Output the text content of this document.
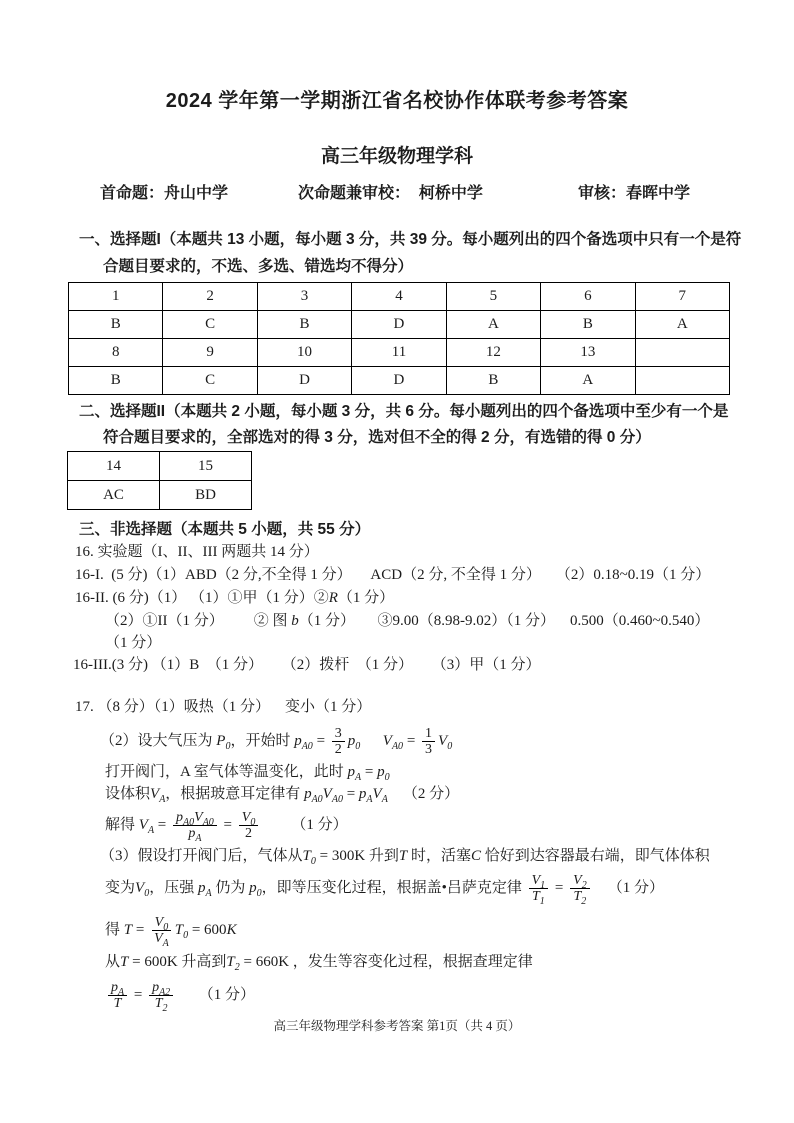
2024 学年第一学期浙江省名校协作体联考参考答案
高三年级物理学科
首命题：舟山中学	次命题兼审校：  柯桥中学	审核：春晖中学
一、选择题I（本题共 13 小题，每小题 3 分，共 39 分。每小题列出的四个备选项中只有一个是符
合题目要求的，不选、多选、错选均不得分）
1	2	3	4	5	6	7
B	C	B	D	A	B	A
8	9	10	11	12	13	
B	C	D	D	B	A	
二、选择题II（本题共 2 小题，每小题 3 分，共 6 分。每小题列出的四个备选项中至少有一个是
符合题目要求的，全部选对的得 3 分，选对但不全的得 2 分，有选错的得 0 分）
14	15
AC	BD
三、非选择题（本题共 5 小题，共 55 分）
16. 实验题（I、II、III 两题共 14 分）
16-I.  (5 分)（1）ABD（2 分,不全得 1 分）     ACD（2 分, 不全得 1 分）    （2）0.18~0.19（1 分）
16-II. (6 分)（1） （1）①甲（1 分）②R（1 分）
（2）①II（1 分）        ② 图 b（1 分）      ③9.00（8.98-9.02）（1 分）    0.500（0.460~0.540）
（1 分）
16-III.(3 分) （1）B  （1 分）     （2）拨杆  （1 分）     （3）甲（1 分）
17. （8 分）（1）吸热（1 分）    变小（1 分）
（2）设大气压为 $P_0$，开始时 $p_{A0} = \frac{3}{2} p_0$ $V_{A0} = \frac{1}{3} V_0$
打开阀门，A 室气体等温变化，此时 $p_A = p_0$
设体积$V_A$，根据玻意耳定律有 $p_{A0}V_{A0} = p_AV_A$    （2 分）
解得 $V_A = \frac{p_{A0}V_{A0}}{p_A} = \frac{V_0}{2} (1$ 分）
（3）假设打开阀门后，气体从$T_0 = 300K$ 升到T 时，活塞C 恰好到达容器最右端，即气体体积
变为$V_0$，压强 $p_A$ 仍为 $p_0$，即等压变化过程，根据盖•吕萨克定律 $\frac{V_1}{T_1} = \frac{V_2}{T_2} (1$ 分）
得 $T = \frac{V_0}{V_A} T_0 = 600K$
从T = 600K 升高到$T_2 = 660K$ ，发生等容变化过程，根据查理定律
$\frac{p_A}{T} = \frac{p_{A2}}{T_2} (1$ 分）
高三年级物理学科参考答案 第1页（共 4 页）
